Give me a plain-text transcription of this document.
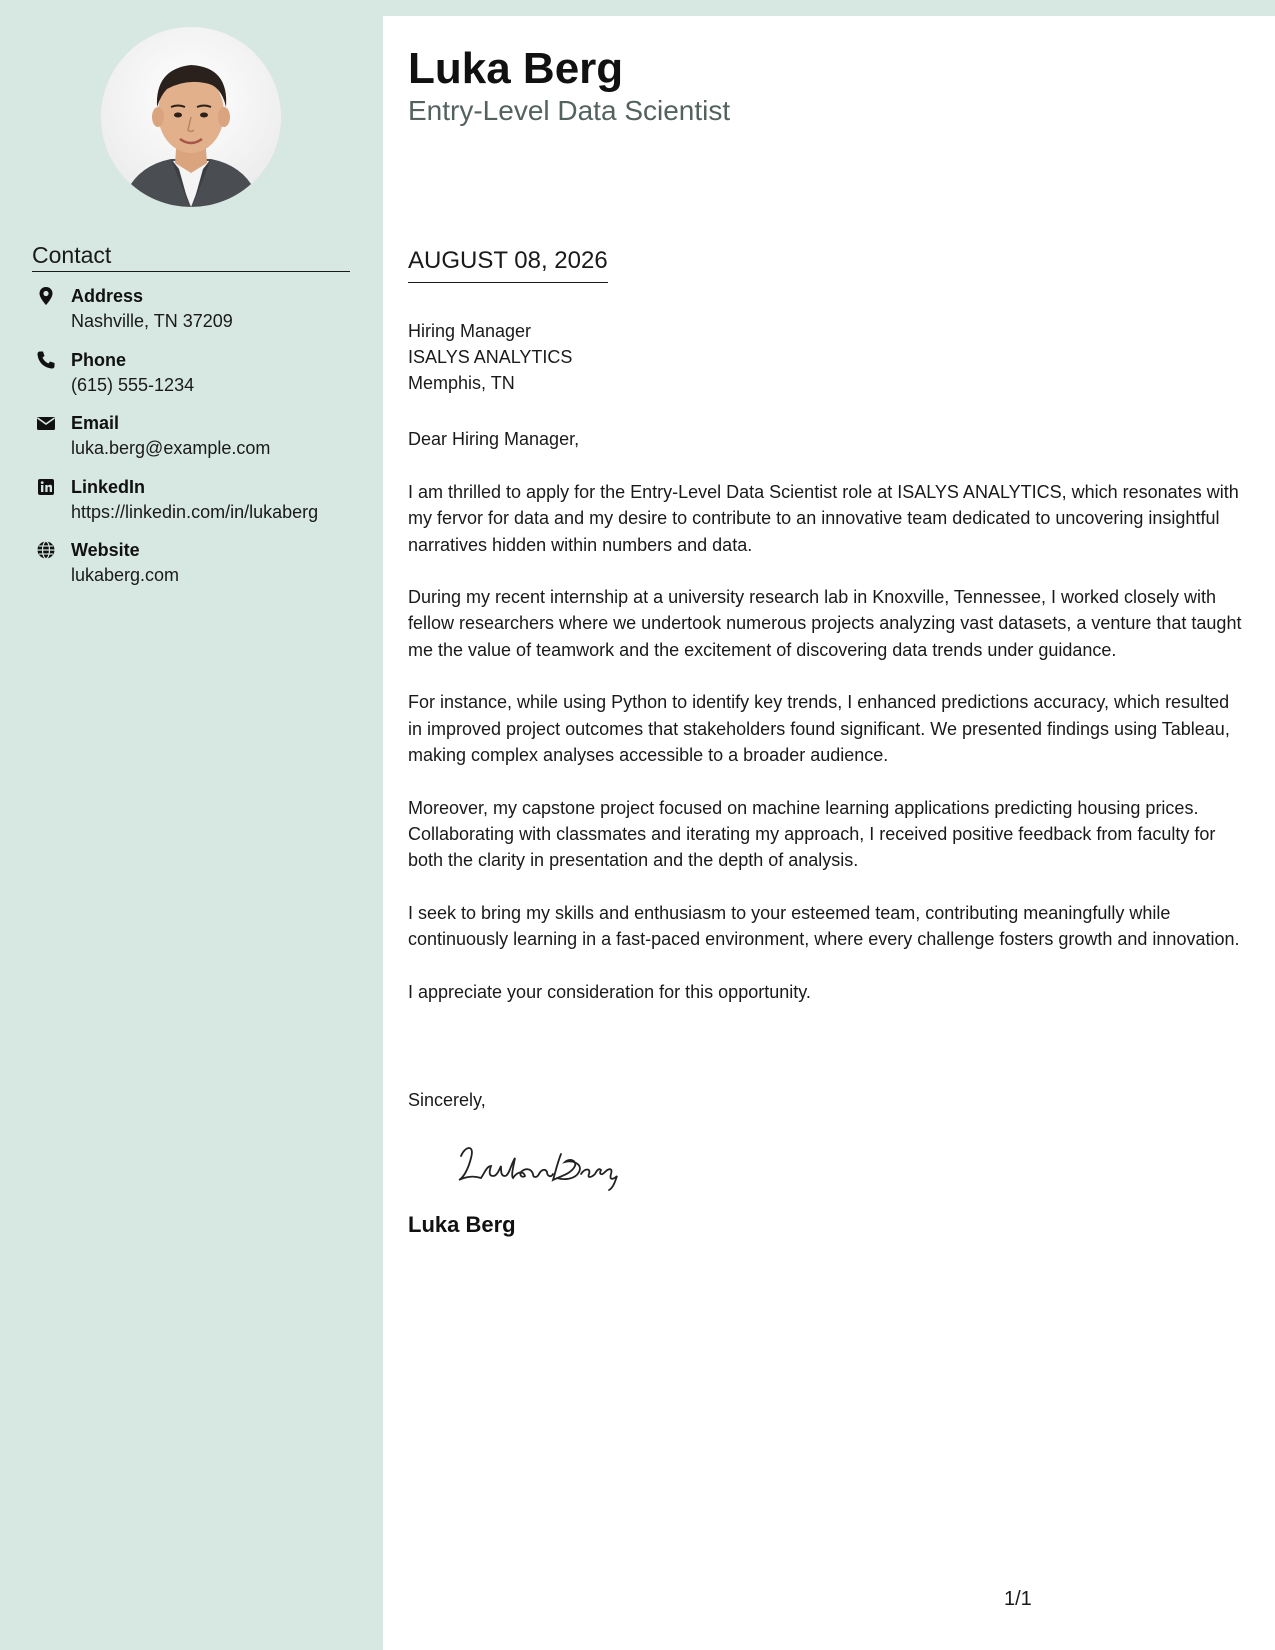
Contact
Address
Nashville, TN 37209
Phone
(615) 555-1234
Email
luka.berg@example.com
LinkedIn
https://linkedin.com/in/lukaberg
Website
lukaberg.com
Luka Berg
Entry-Level Data Scientist
AUGUST 08, 2026
Hiring Manager
ISALYS ANALYTICS
Memphis, TN
Dear Hiring Manager,

I am thrilled to apply for the Entry-Level Data Scientist role at ISALYS ANALYTICS, which resonates with my fervor for data and my desire to contribute to an innovative team dedicated to uncovering insightful narratives hidden within numbers and data.

During my recent internship at a university research lab in Knoxville, Tennessee, I worked closely with fellow researchers where we undertook numerous projects analyzing vast datasets, a venture that taught me the value of teamwork and the excitement of discovering data trends under guidance.

For instance, while using Python to identify key trends, I enhanced predictions accuracy, which resulted in improved project outcomes that stakeholders found significant. We presented findings using Tableau, making complex analyses accessible to a broader audience.

Moreover, my capstone project focused on machine learning applications predicting housing prices. Collaborating with classmates and iterating my approach, I received positive feedback from faculty for both the clarity in presentation and the depth of analysis.

I seek to bring my skills and enthusiasm to your esteemed team, contributing meaningfully while continuously learning in a fast-paced environment, where every challenge fosters growth and innovation.

I appreciate your consideration for this opportunity.

Sincerely,
Luka Berg
1/1
